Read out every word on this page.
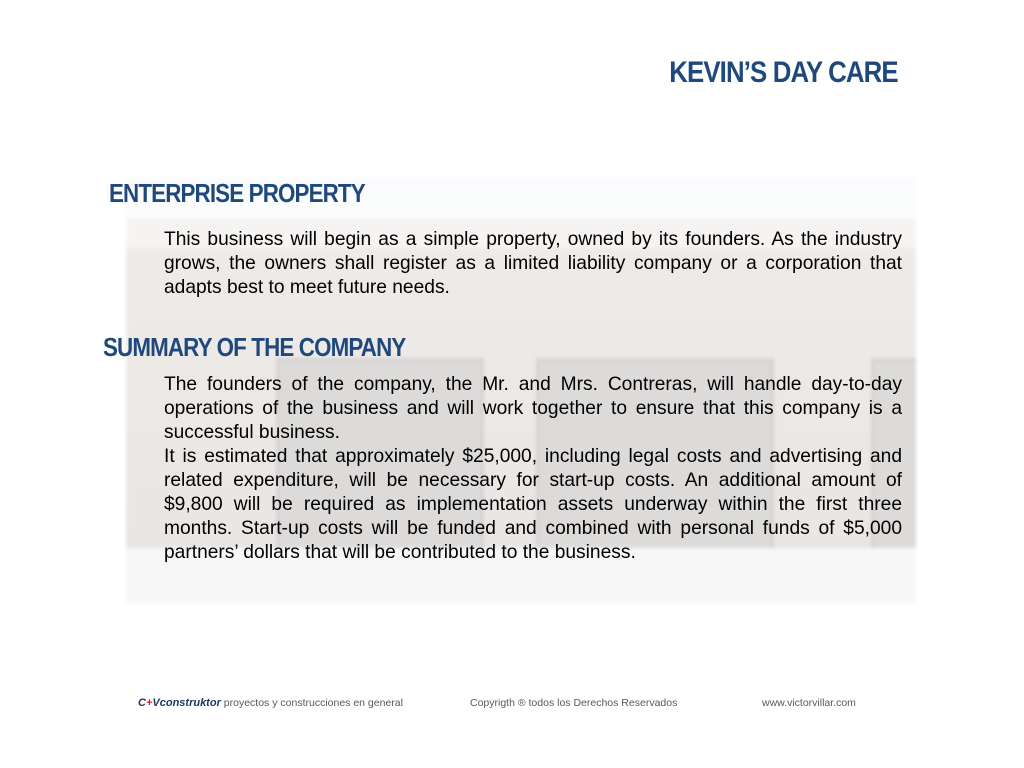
KEVIN’S DAY CARE
ENTERPRISE PROPERTY

This business will begin as a simple property, owned by its founders. As the industry grows, the owners shall register as a limited liability company or a corporation that adapts best to meet future needs.

SUMMARY OF THE COMPANY

The founders of the company, the Mr. and Mrs. Contreras, will handle day-to-day operations of the business and will work together to ensure that this company is a successful business.

It is estimated that approximately $25,000, including legal costs and advertising and related expenditure, will be necessary for start-up costs. An additional amount of $9,800 will be required as implementation assets underway within the first three months. Start-up costs will be funded and combined with personal funds of $5,000 partners’ dollars that will be contributed to the business.

C+Vconstruktor proyectos y construcciones en general	Copyrigth ® todos los Derechos Reservados	www.victorvillar.com
